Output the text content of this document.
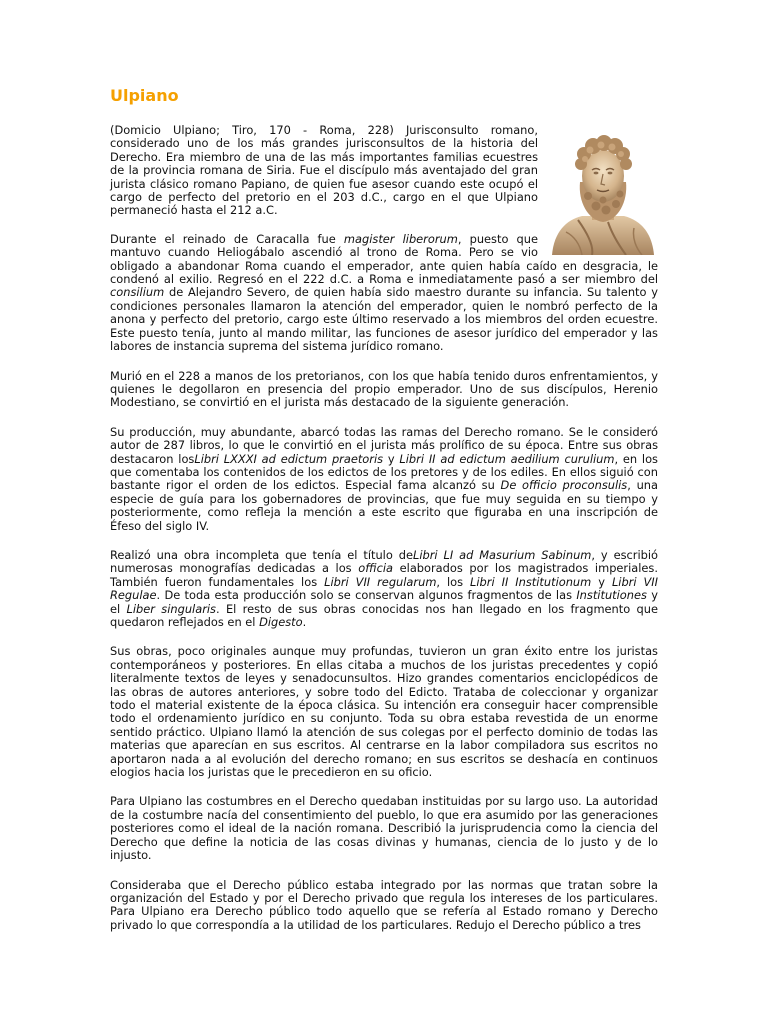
Ulpiano

(Domicio Ulpiano; Tiro, 170 - Roma, 228) Jurisconsulto romano, considerado uno de los más grandes jurisconsultos de la historia del Derecho. Era miembro de una de las más importantes familias ecuestres de la provincia romana de Siria. Fue el discípulo más aventajado del gran jurista clásico romano Papiano, de quien fue asesor cuando este ocupó el cargo de perfecto del pretorio en el 203 d.C., cargo en el que Ulpiano permaneció hasta el 212 a.C.

Durante el reinado de Caracalla fue magister liberorum, puesto que mantuvo cuando Heliogábalo ascendió al trono de Roma. Pero se vio obligado a abandonar Roma cuando el emperador, ante quien había caído en desgracia, le condenó al exilio. Regresó en el 222 d.C. a Roma e inmediatamente pasó a ser miembro del consilium de Alejandro Severo, de quien había sido maestro durante su infancia. Su talento y condiciones personales llamaron la atención del emperador, quien le nombró perfecto de la anona y perfecto del pretorio, cargo este último reservado a los miembros del orden ecuestre. Este puesto tenía, junto al mando militar, las funciones de asesor jurídico del emperador y las labores de instancia suprema del sistema jurídico romano.

Murió en el 228 a manos de los pretorianos, con los que había tenido duros enfrentamientos, y quienes le degollaron en presencia del propio emperador. Uno de sus discípulos, Herenio Modestiano, se convirtió en el jurista más destacado de la siguiente generación.

Su producción, muy abundante, abarcó todas las ramas del Derecho romano. Se le consideró autor de 287 libros, lo que le convirtió en el jurista más prolífico de su época. Entre sus obras destacaron losLibri LXXXI ad edictum praetoris y Libri II ad edictum aedilium curulium, en los que comentaba los contenidos de los edictos de los pretores y de los ediles. En ellos siguió con bastante rigor el orden de los edictos. Especial fama alcanzó su De officio proconsulis, una especie de guía para los gobernadores de provincias, que fue muy seguida en su tiempo y posteriormente, como refleja la mención a este escrito que figuraba en una inscripción de Éfeso del siglo IV.

Realizó una obra incompleta que tenía el título deLibri LI ad Masurium Sabinum, y escribió numerosas monografías dedicadas a los officia elaborados por los magistrados imperiales. También fueron fundamentales los Libri VII regularum, los Libri II Institutionum y Libri VII Regulae. De toda esta producción solo se conservan algunos fragmentos de las Institutiones y el Liber singularis. El resto de sus obras conocidas nos han llegado en los fragmento que quedaron reflejados en el Digesto.

Sus obras, poco originales aunque muy profundas, tuvieron un gran éxito entre los juristas contemporáneos y posteriores. En ellas citaba a muchos de los juristas precedentes y copió literalmente textos de leyes y senadocunsultos. Hizo grandes comentarios enciclopédicos de las obras de autores anteriores, y sobre todo del Edicto. Trataba de coleccionar y organizar todo el material existente de la época clásica. Su intención era conseguir hacer comprensible todo el ordenamiento jurídico en su conjunto. Toda su obra estaba revestida de un enorme sentido práctico. Ulpiano llamó la atención de sus colegas por el perfecto dominio de todas las materias que aparecían en sus escritos. Al centrarse en la labor compiladora sus escritos no aportaron nada a al evolución del derecho romano; en sus escritos se deshacía en continuos elogios hacia los juristas que le precedieron en su oficio.

Para Ulpiano las costumbres en el Derecho quedaban instituidas por su largo uso. La autoridad de la costumbre nacía del consentimiento del pueblo, lo que era asumido por las generaciones posteriores como el ideal de la nación romana. Describió la jurisprudencia como la ciencia del Derecho que define la noticia de las cosas divinas y humanas, ciencia de lo justo y de lo injusto.

Consideraba que el Derecho público estaba integrado por las normas que tratan sobre la organización del Estado y por el Derecho privado que regula los intereses de los particulares. Para Ulpiano era Derecho público todo aquello que se refería al Estado romano y Derecho privado lo que correspondía a la utilidad de los particulares. Redujo el Derecho público a tres
